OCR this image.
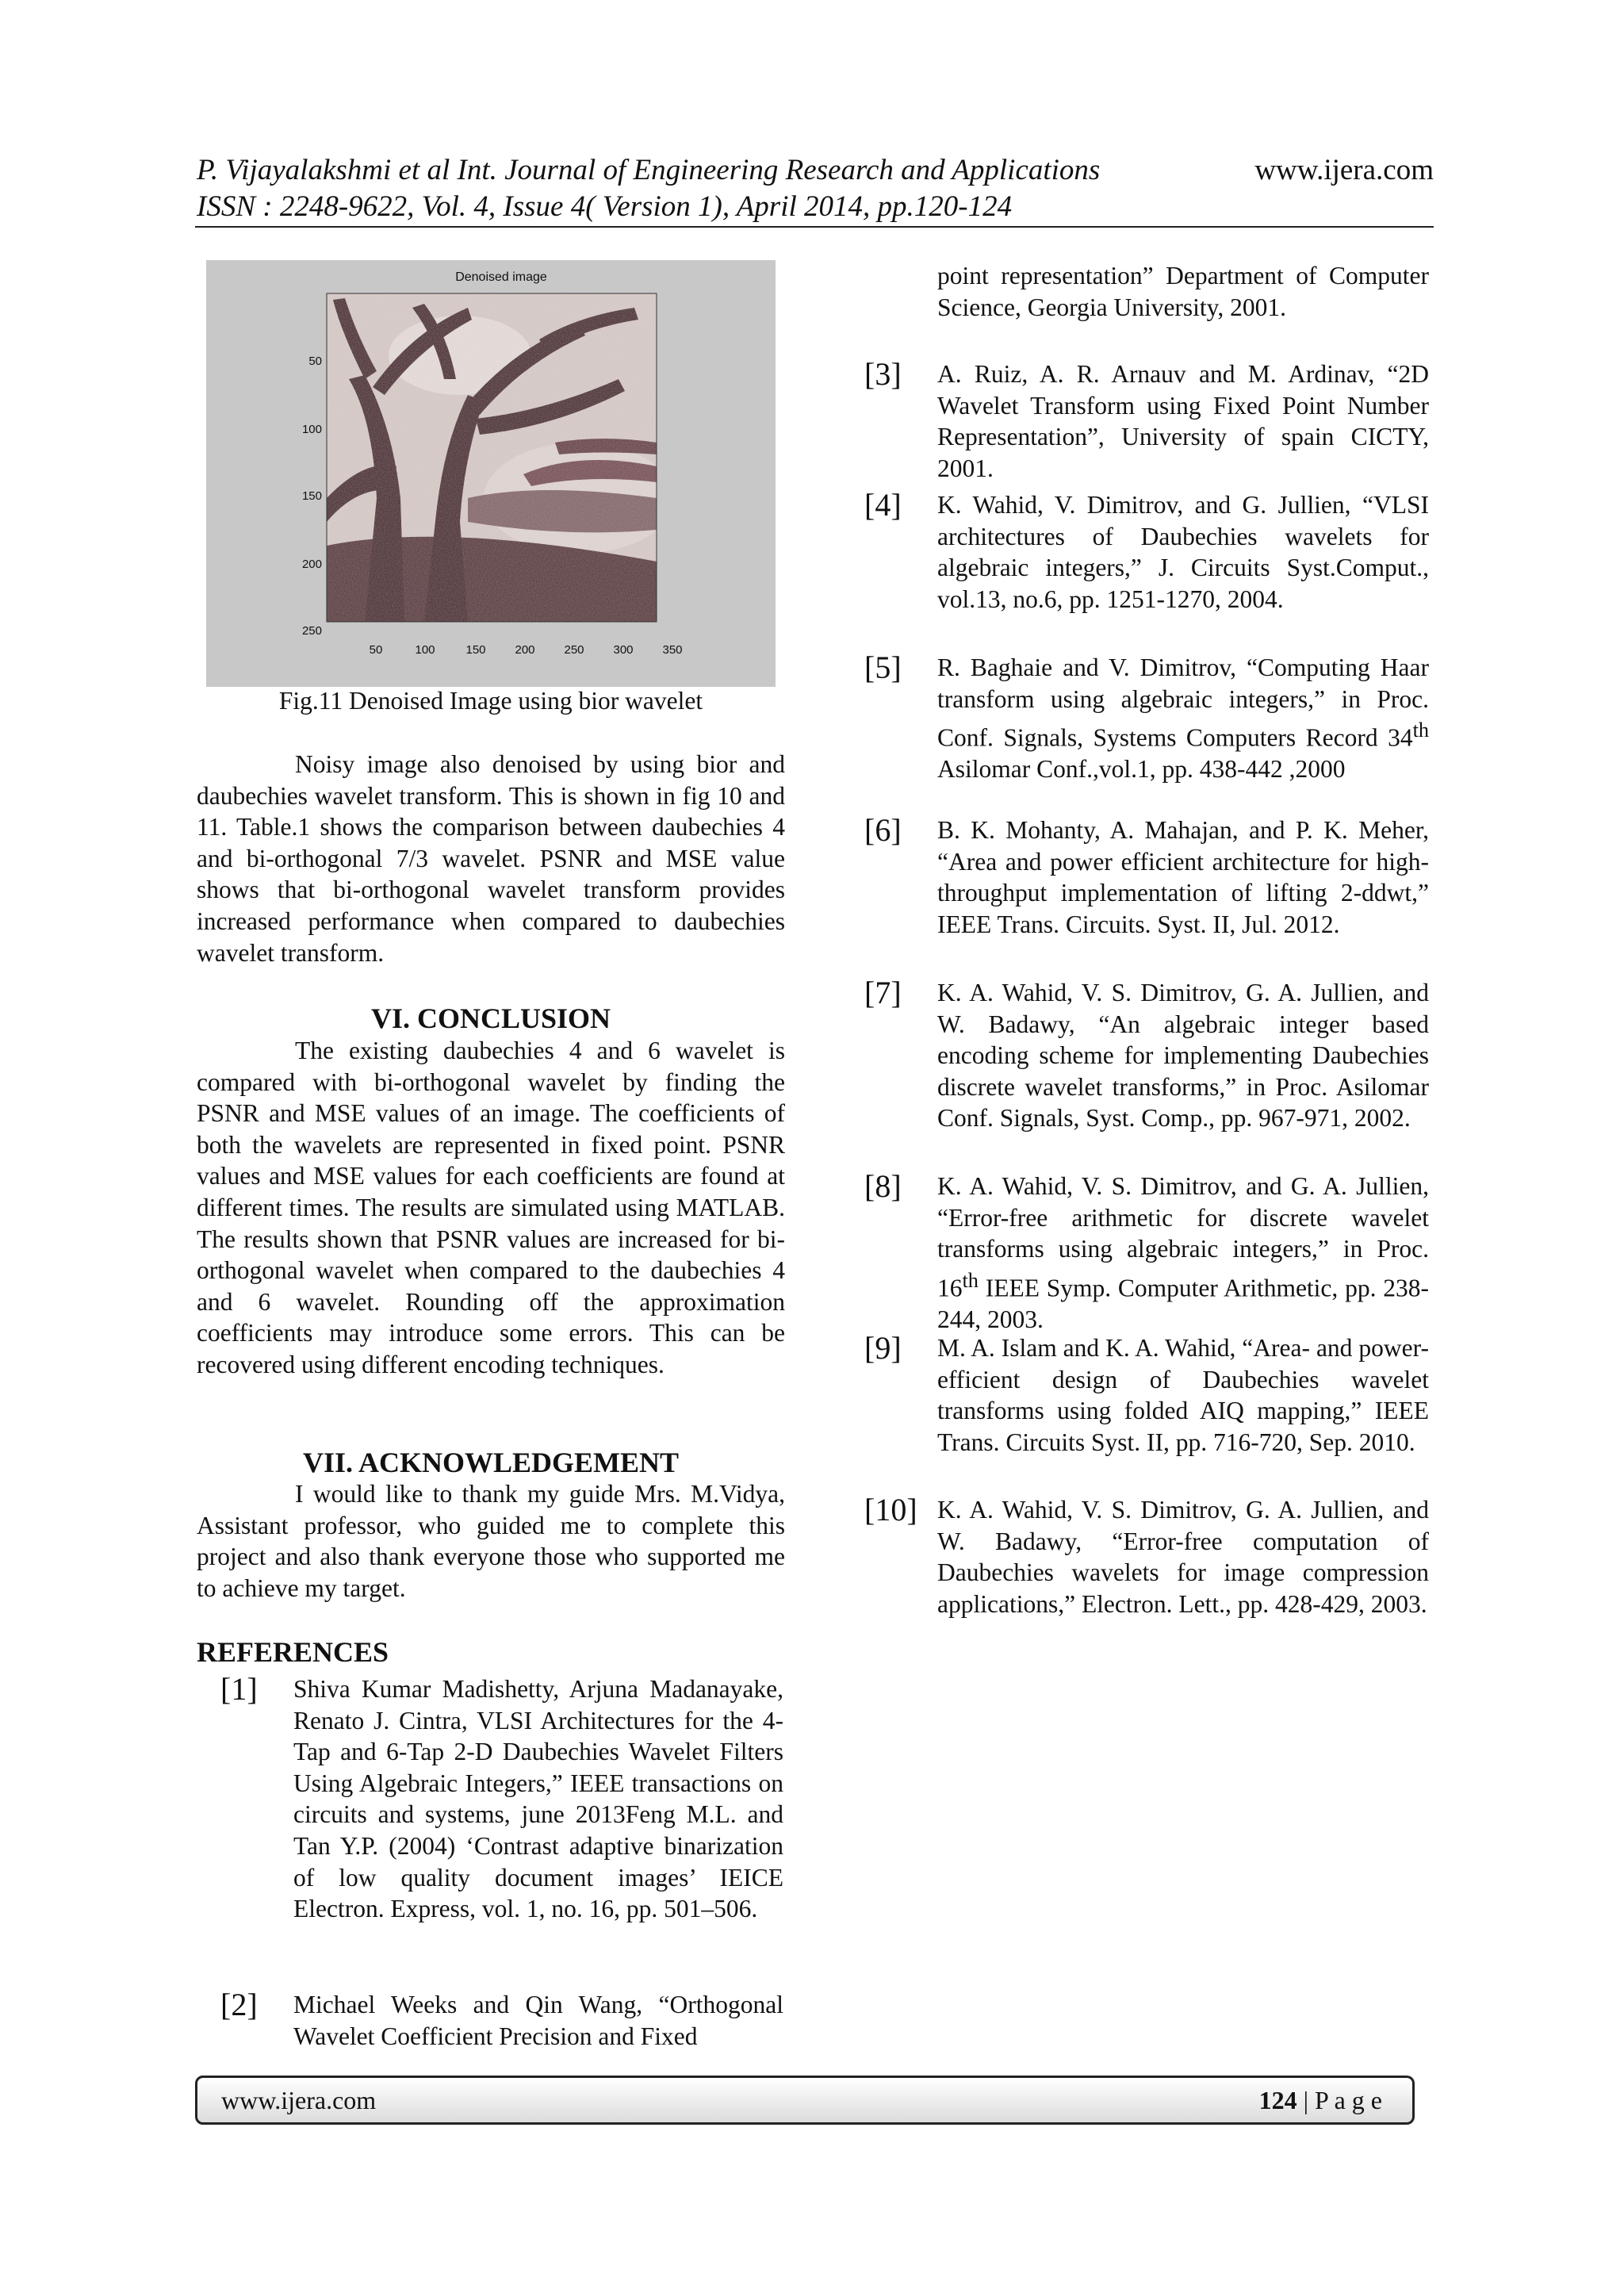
P. Vijayalakshmi et al Int. Journal of Engineering Research and Applications	www.ijera.com
ISSN : 2248-9622, Vol. 4, Issue 4( Version 1), April 2014, pp.120-124
Denoised image
50
100
150
200
250
50	100	150 200 250 300 350
Fig.11 Denoised Image using bior wavelet

Noisy image also denoised by using bior and daubechies wavelet transform. This is shown in fig 10 and 11. Table.1 shows the comparison between daubechies 4 and bi-orthogonal 7/3 wavelet. PSNR and MSE value shows that bi-orthogonal wavelet transform provides increased performance when compared to daubechies wavelet transform.

VI. CONCLUSION

The existing daubechies 4 and 6 wavelet is compared with bi-orthogonal wavelet by finding the PSNR and MSE values of an image. The coefficients of both the wavelets are represented in fixed point. PSNR values and MSE values for each coefficients are found at different times. The results are simulated using MATLAB. The results shown that PSNR values are increased for bi-orthogonal wavelet when compared to the daubechies 4 and 6 wavelet. Rounding off the approximation coefficients may introduce some errors. This can be recovered using different encoding techniques.

VII. ACKNOWLEDGEMENT

I would like to thank my guide Mrs. M.Vidya, Assistant professor, who guided me to complete this project and also thank everyone those who supported me to achieve my target.

REFERENCES
[1]	Shiva Kumar Madishetty, Arjuna Madanayake, Renato J. Cintra, VLSI Architectures for the 4-Tap and 6-Tap 2-D Daubechies Wavelet Filters Using Algebraic Integers,” IEEE transactions on circuits and systems, june 2013Feng M.L. and Tan Y.P. (2004) ‘Contrast adaptive binarization of low quality document images’ IEICE Electron. Express, vol. 1, no. 16, pp. 501–506.
[2]	Michael Weeks and Qin Wang, “Orthogonal Wavelet Coefficient Precision and Fixed
point representation” Department of Computer Science, Georgia University, 2001.
[3]	A. Ruiz, A. R. Arnauv and M. Ardinav, “2D Wavelet Transform using Fixed Point Number Representation”, University of spain CICTY, 2001.
[4]	K. Wahid, V. Dimitrov, and G. Jullien, “VLSI architectures of Daubechies wavelets for algebraic integers,” J. Circuits Syst.Comput., vol.13, no.6, pp. 1251-1270, 2004.
[5]	R. Baghaie and V. Dimitrov, “Computing Haar transform using algebraic integers,” in Proc. Conf. Signals, Systems Computers Record 34th Asilomar Conf.,vol.1, pp. 438-442 ,2000
[6]	B. K. Mohanty, A. Mahajan, and P. K. Meher, “Area and power efficient architecture for high-throughput implementation of lifting 2-ddwt,” IEEE Trans. Circuits. Syst. II, Jul. 2012.
[7]	K. A. Wahid, V. S. Dimitrov, G. A. Jullien, and W. Badawy, “An algebraic integer based encoding scheme for implementing Daubechies discrete wavelet transforms,” in Proc. Asilomar Conf. Signals, Syst. Comp., pp. 967-971, 2002.
[8]	K. A. Wahid, V. S. Dimitrov, and G. A. Jullien, “Error-free arithmetic for discrete wavelet transforms using algebraic integers,” in Proc. 16th IEEE Symp. Computer Arithmetic, pp. 238-244, 2003.
[9]	M. A. Islam and K. A. Wahid, “Area- and power-efficient design of Daubechies wavelet transforms using folded AIQ mapping,” IEEE Trans. Circuits Syst. II, pp. 716-720, Sep. 2010.
[10] K. A. Wahid, V. S. Dimitrov, G. A. Jullien, and W. Badawy, “Error-free computation of Daubechies wavelets for image compression applications,” Electron. Lett., pp. 428-429, 2003.
www.ijera.com	124 | P a g e
